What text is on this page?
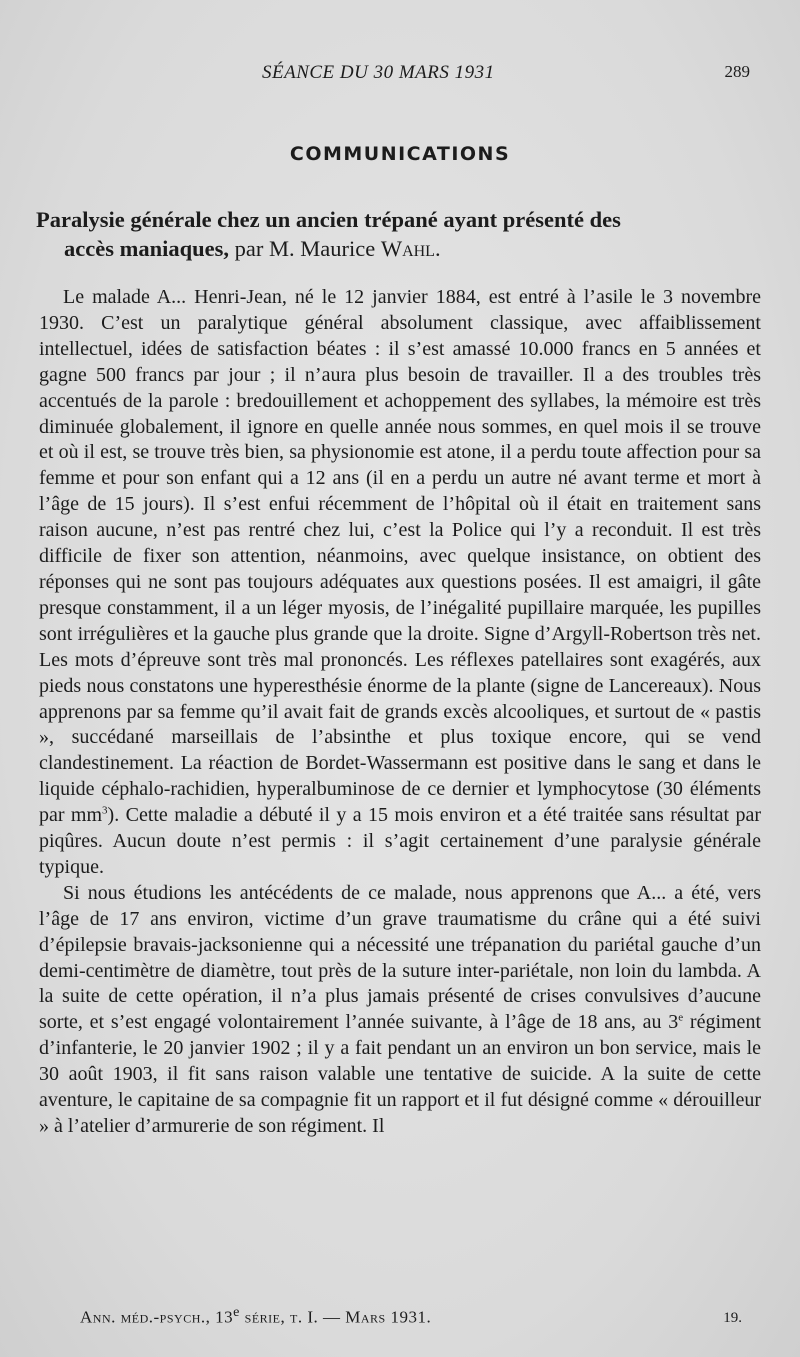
SÉANCE DU 30 MARS 1931	289
COMMUNICATIONS
Paralysie générale chez un ancien trépané ayant présenté des
accès maniaques, par M. Maurice Wahl.

Le malade A... Henri-Jean, né le 12 janvier 1884, est entré à l’asile le 3 novembre 1930. C’est un paralytique général absolument classique, avec affaiblissement intellectuel, idées de satisfaction béates : il s’est amassé 10.000 francs en 5 années et gagne 500 francs par jour ; il n’aura plus besoin de travailler. Il a des troubles très accentués de la parole : bredouillement et achoppement des syllabes, la mémoire est très diminuée globalement, il ignore en quelle année nous sommes, en quel mois il se trouve et où il est, se trouve très bien, sa physionomie est atone, il a perdu toute affection pour sa femme et pour son enfant qui a 12 ans (il en a perdu un autre né avant terme et mort à l’âge de 15 jours). Il s’est enfui récemment de l’hôpital où il était en traitement sans raison aucune, n’est pas rentré chez lui, c’est la Police qui l’y a reconduit. Il est très difficile de fixer son attention, néanmoins, avec quelque insistance, on obtient des réponses qui ne sont pas toujours adéquates aux questions posées. Il est amaigri, il gâte presque constamment, il a un léger myosis, de l’inégalité pupillaire marquée, les pupilles sont irrégulières et la gauche plus grande que la droite. Signe d’Argyll-Robertson très net. Les mots d’épreuve sont très mal prononcés. Les réflexes patellaires sont exagérés, aux pieds nous constatons une hyperesthésie énorme de la plante (signe de Lancereaux). Nous apprenons par sa femme qu’il avait fait de grands excès alcooliques, et surtout de « pastis », succédané marseillais de l’absinthe et plus toxique encore, qui se vend clandestinement. La réaction de Bordet-Wassermann est positive dans le sang et dans le liquide céphalo-rachidien, hyperalbuminose de ce dernier et lymphocytose (30 éléments par $mm^3$). Cette maladie a débuté il y a 15 mois environ et a été traitée sans résultat par piqûres. Aucun doute n’est permis : il s’agit certainement d’une paralysie générale typique.

Si nous étudions les antécédents de ce malade, nous apprenons que A... a été, vers l’âge de 17 ans environ, victime d’un grave traumatisme du crâne qui a été suivi d’épilepsie bravais-jacksonienne qui a nécessité une trépanation du pariétal gauche d’un demi-centimètre de diamètre, tout près de la suture inter-pariétale, non loin du lambda. A la suite de cette opération, il n’a plus jamais présenté de crises convulsives d’aucune sorte, et s’est engagé volontairement l’année suivante, à l’âge de 18 ans, au 3e régiment d’infanterie, le 20 janvier 1902 ; il y a fait pendant un an environ un bon service, mais le 30 août 1903, il fit sans raison valable une tentative de suicide. A la suite de cette aventure, le capitaine de sa compagnie fit un rapport et il fut désigné comme « dérouilleur » à l’atelier d’armurerie de son régiment. Il

Ann. méd.-psych., 13e série, t. I. — Mars 1931.	19.
